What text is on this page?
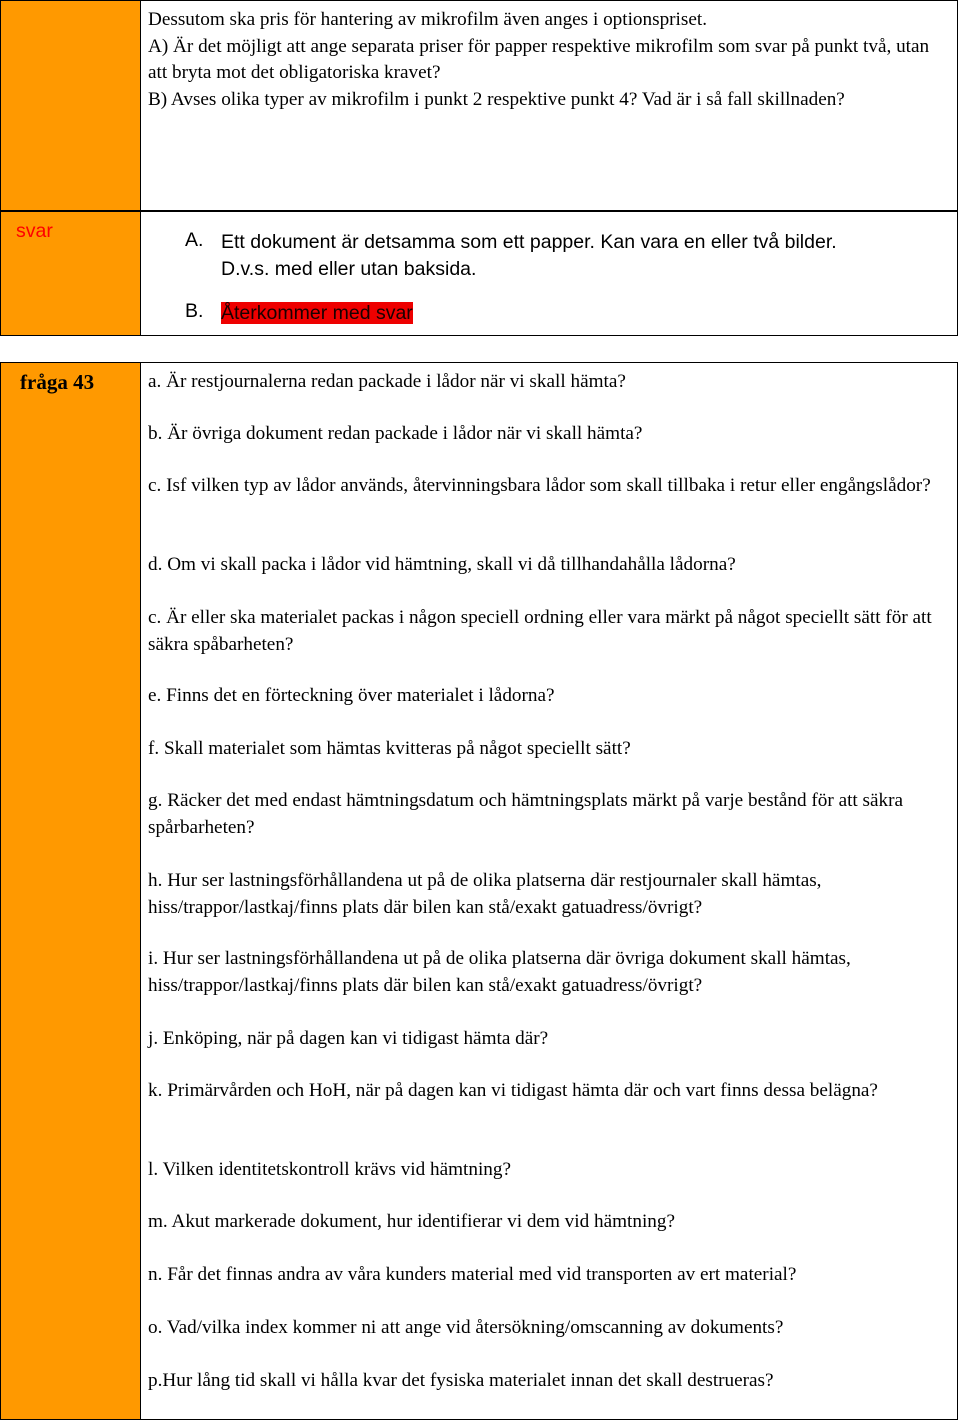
Dessutom ska pris för hantering av mikrofilm även anges i optionspriset.

A) Är det möjligt att ange separata priser för papper respektive mikrofilm som svar på punkt två, utan att bryta mot det obligatoriska kravet?

B) Avses olika typer av mikrofilm i punkt 2 respektive punkt 4? Vad är i så fall skillnaden?

svar	A. Ett dokument är detsamma som ett papper. Kan vara en eller två bilder.
D.v.s. med eller utan baksida.
B. Återkommer med svar
fråga 43	a. Är restjournalerna redan packade i lådor när vi skall hämta?

b. Är övriga dokument redan packade i lådor när vi skall hämta?

c. Isf vilken typ av lådor används, återvinningsbara lådor som skall tillbaka i retur eller engångslådor?

d. Om vi skall packa i lådor vid hämtning, skall vi då tillhandahålla lådorna?

c. Är eller ska materialet packas i någon speciell ordning eller vara märkt på något speciellt sätt för att säkra spåbarheten?

e. Finns det en förteckning över materialet i lådorna?

f. Skall materialet som hämtas kvitteras på något speciellt sätt?

g. Räcker det med endast hämtningsdatum och hämtningsplats märkt på varje bestånd för att säkra spårbarheten?

h. Hur ser lastningsförhållandena ut på de olika platserna där restjournaler skall hämtas, hiss/trappor/lastkaj/finns plats där bilen kan stå/exakt gatuadress/övrigt?

i. Hur ser lastningsförhållandena ut på de olika platserna där övriga dokument skall hämtas, hiss/trappor/lastkaj/finns plats där bilen kan stå/exakt gatuadress/övrigt?

j. Enköping, när på dagen kan vi tidigast hämta där?

k. Primärvården och HoH, när på dagen kan vi tidigast hämta där och vart finns dessa belägna?

l. Vilken identitetskontroll krävs vid hämtning?

m. Akut markerade dokument, hur identifierar vi dem vid hämtning?

n. Får det finnas andra av våra kunders material med vid transporten av ert material?

o. Vad/vilka index kommer ni att ange vid återsökning/omscanning av dokuments?

p.Hur lång tid skall vi hålla kvar det fysiska materialet innan det skall destrueras?
